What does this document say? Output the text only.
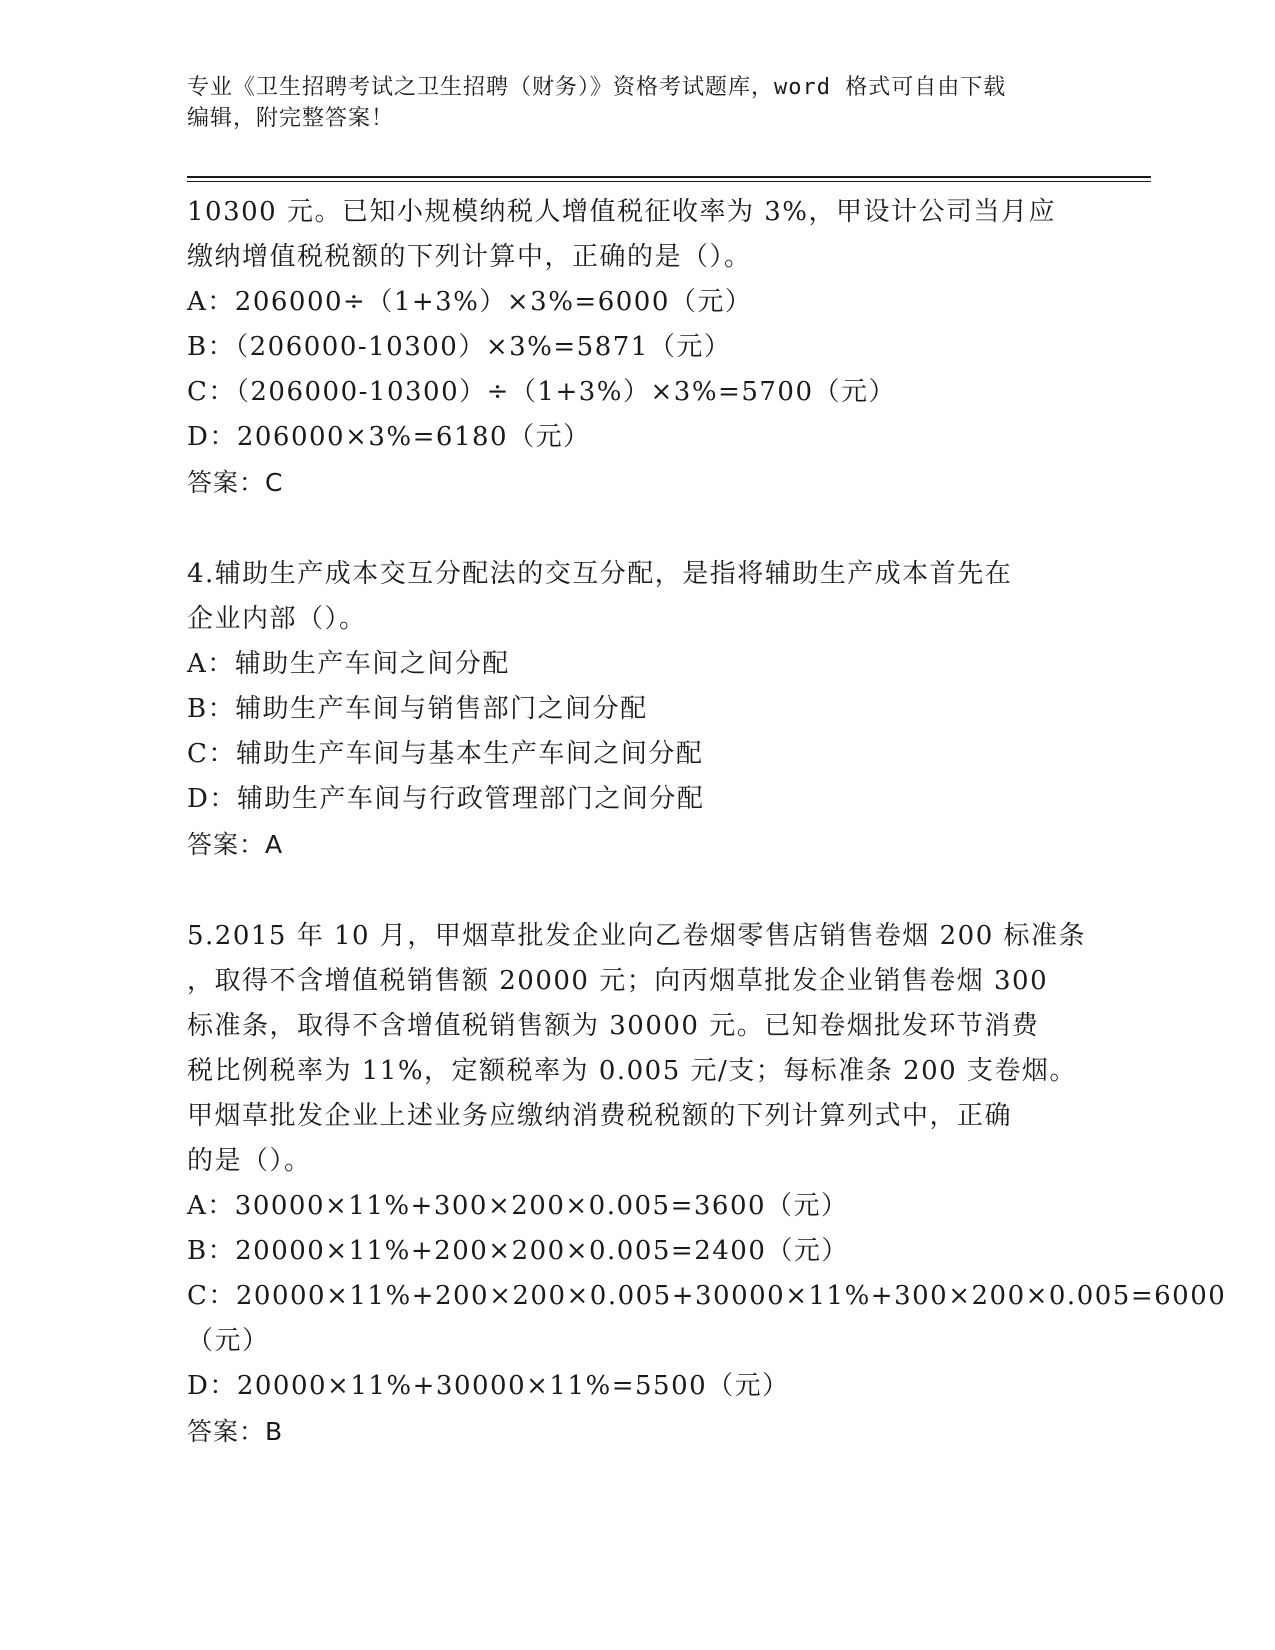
专业《卫生招聘考试之卫生招聘（财务）》资格考试题库，word 格式可自由下载
编辑，附完整答案！
10300 元。已知小规模纳税人增值税征收率为 3%，甲设计公司当月应
缴纳增值税税额的下列计算中，正确的是（）。
A：206000÷（1+3%）×3%=6000（元）
B：（206000-10300）×3%=5871（元）
C：（206000-10300）÷（1+3%）×3%=5700（元）
D：206000×3%=6180（元）
答案：C
4.辅助生产成本交互分配法的交互分配，是指将辅助生产成本首先在
企业内部（）。
A：辅助生产车间之间分配
B：辅助生产车间与销售部门之间分配
C：辅助生产车间与基本生产车间之间分配
D：辅助生产车间与行政管理部门之间分配
答案：A
5.2015 年 10 月，甲烟草批发企业向乙卷烟零售店销售卷烟 200 标准条
，取得不含增值税销售额 20000 元；向丙烟草批发企业销售卷烟 300
标准条，取得不含增值税销售额为 30000 元。已知卷烟批发环节消费
税比例税率为 11%，定额税率为 0.005 元/支；每标准条 200 支卷烟。
甲烟草批发企业上述业务应缴纳消费税税额的下列计算列式中，正确
的是（）。
A：30000×11%+300×200×0.005=3600（元）
B：20000×11%+200×200×0.005=2400（元）
C：20000×11%+200×200×0.005+30000×11%+300×200×0.005=6000
（元）
D：20000×11%+30000×11%=5500（元）
答案：B
